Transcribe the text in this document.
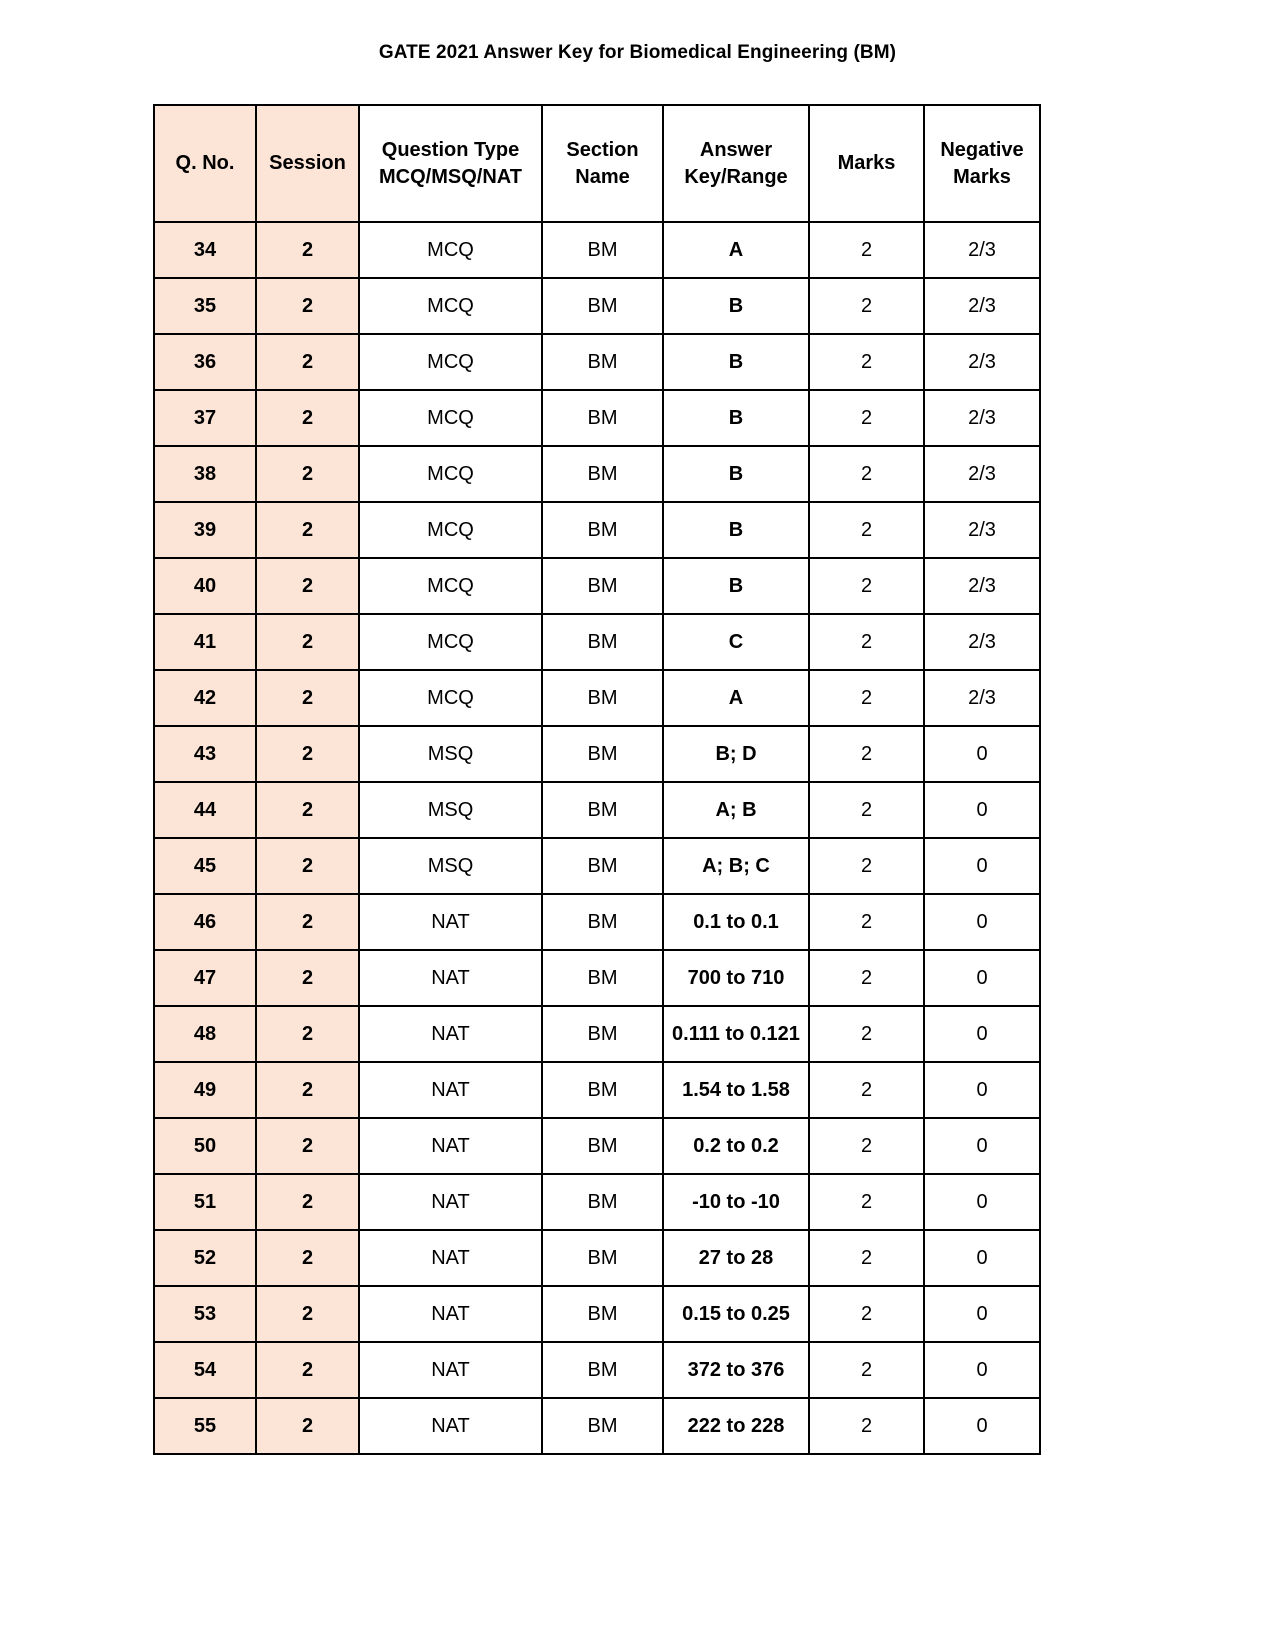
GATE 2021 Answer Key for Biomedical Engineering (BM)
Q. No.	Session	Question Type MCQ/MSQ/NAT	Section Name	Answer Key/Range	Marks	Negative Marks
34	2	MCQ	BM	A	2	2/3
35	2	MCQ	BM	B	2	2/3
36	2	MCQ	BM	B	2	2/3
37	2	MCQ	BM	B	2	2/3
38	2	MCQ	BM	B	2	2/3
39	2	MCQ	BM	B	2	2/3
40	2	MCQ	BM	B	2	2/3
41	2	MCQ	BM	C	2	2/3
42	2	MCQ	BM	A	2	2/3
43	2	MSQ	BM	B; D	2	0
44	2	MSQ	BM	A; B	2	0
45	2	MSQ	BM	A; B; C	2	0
46	2	NAT	BM	0.1 to 0.1	2	0
47	2	NAT	BM	700 to 710	2	0
48	2	NAT	BM	0.111 to 0.121	2	0
49	2	NAT	BM	1.54 to 1.58	2	0
50	2	NAT	BM	0.2 to 0.2	2	0
51	2	NAT	BM	-10 to -10	2	0
52	2	NAT	BM	27 to 28	2	0
53	2	NAT	BM	0.15 to 0.25	2	0
54	2	NAT	BM	372 to 376	2	0
55	2	NAT	BM	222 to 228	2	0
